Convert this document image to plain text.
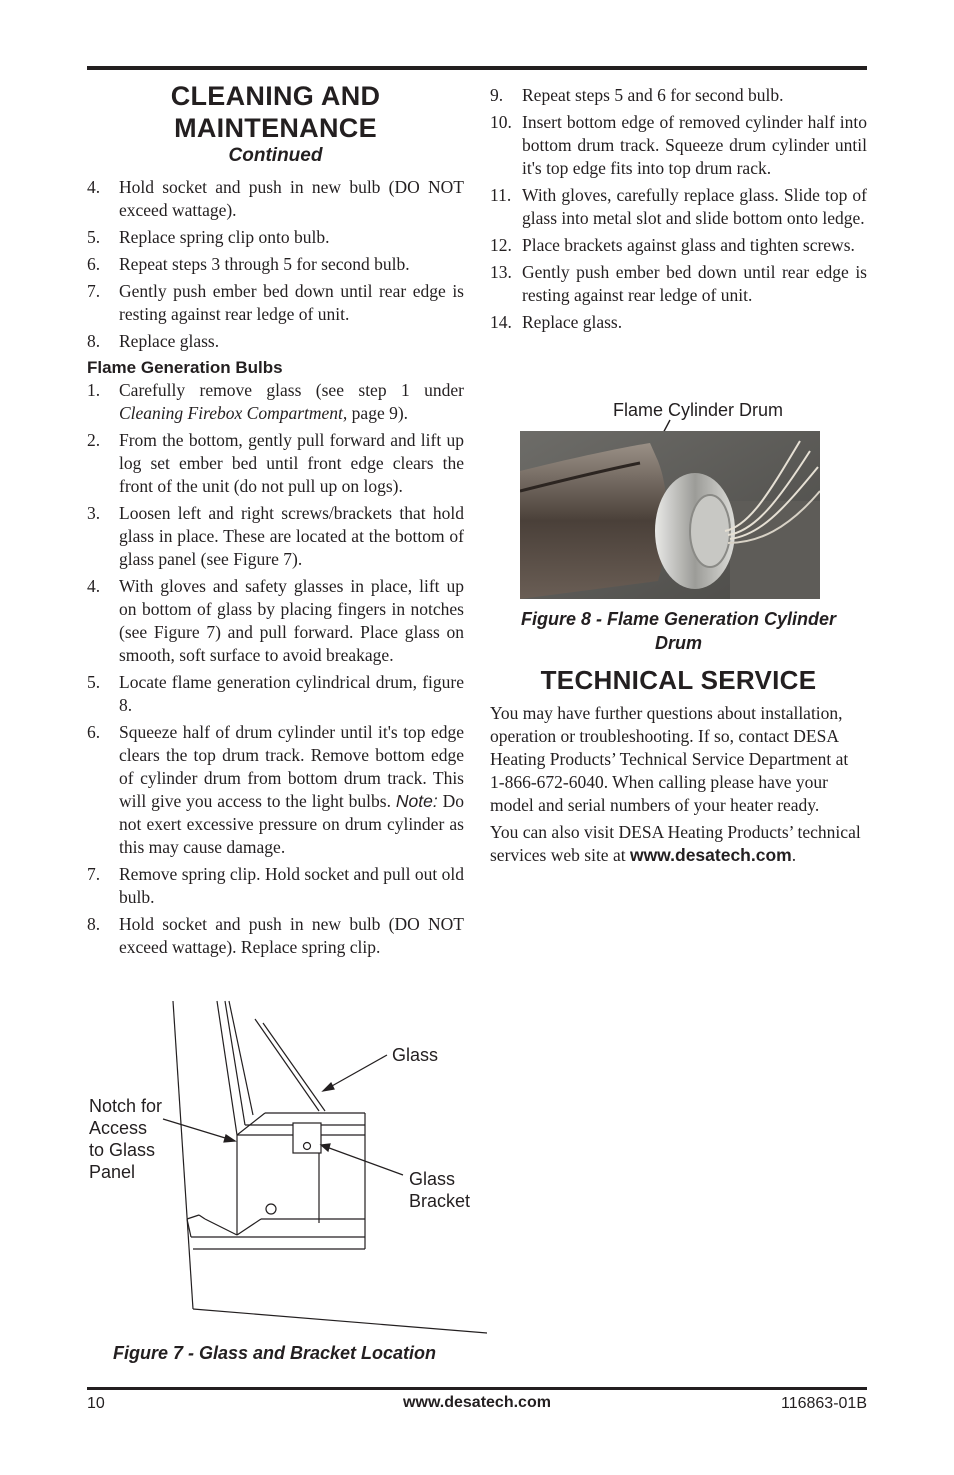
CLEANING AND
MAINTENANCE
Continued
4. Hold socket and push in new bulb (DO NOT exceed wattage).
5. Replace spring clip onto bulb.
6. Repeat steps 3 through 5 for second bulb.
7. Gently push ember bed down until rear edge is resting against rear ledge of unit.
8. Replace glass.
Flame Generation Bulbs
1. Carefully remove glass (see step 1 under Cleaning Firebox Compartment, page 9).
2. From the bottom, gently pull forward and lift up log set ember bed until front edge clears the front of the unit (do not pull up on logs).
3. Loosen left and right screws/brackets that hold glass in place. These are located at the bottom of glass panel (see Figure 7).
4. With gloves and safety glasses in place, lift up on bottom of glass by placing fingers in notches (see Figure 7) and pull forward. Place glass on smooth, soft surface to avoid breakage.
5. Locate flame generation cylindrical drum, figure 8.
6. Squeeze half of drum cylinder until it's top edge clears the top drum track. Remove bottom edge of cylinder drum from bottom drum track. This will give you access to the light bulbs. Note: Do not exert excessive pressure on drum cylinder as this may cause damage.
7. Remove spring clip. Hold socket and pull out old bulb.
8. Hold socket and push in new bulb (DO NOT exceed wattage). Replace spring clip.
Glass
Notch for
Access
to Glass
Panel	Glass
Bracket
Figure 7 - Glass and Bracket Location
9. Repeat steps 5 and 6 for second bulb.
10. Insert bottom edge of removed cylinder half into bottom drum track. Squeeze drum cylinder until it's top edge fits into top drum rack.
11. With gloves, carefully replace glass. Slide top of glass into metal slot and slide bottom onto ledge.
12. Place brackets against glass and tighten screws.
13. Gently push ember bed down until rear edge is resting against rear ledge of unit.
14. Replace glass.
Flame Cylinder Drum
Figure 8 - Flame Generation Cylinder
Drum
TECHNICAL SERVICE

You may have further questions about installation, operation or troubleshooting. If so, contact DESA Heating Products’ Technical Service Department at 1-866-672-6040. When calling please have your model and serial numbers of your heater ready.

You can also visit DESA Heating Products’ technical services web site at www.desatech.com.

10	www.desatech.com	116863-01B
